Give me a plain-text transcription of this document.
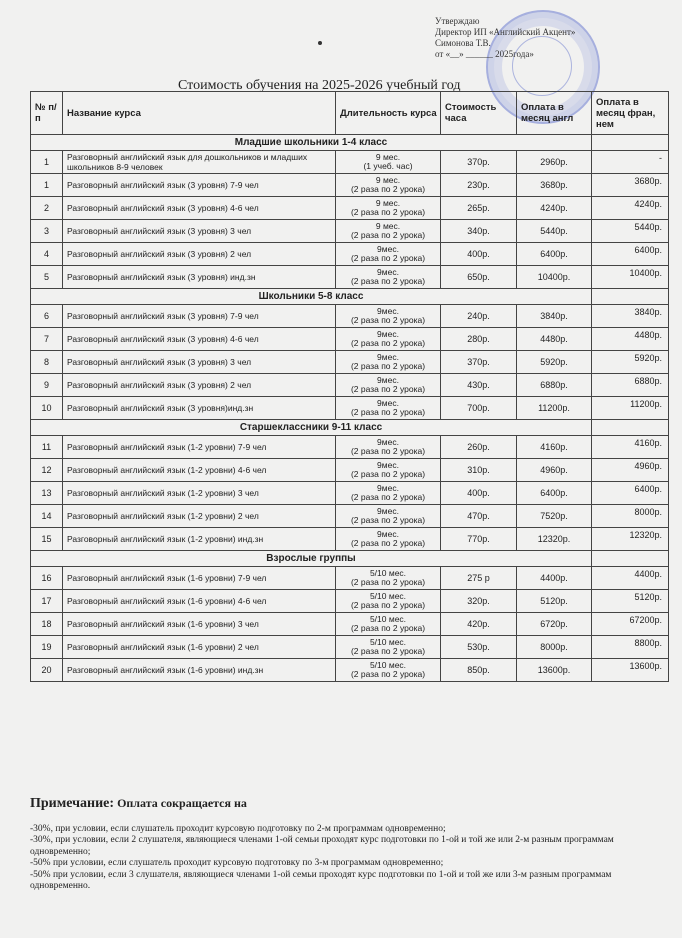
Утверждаю
Директор ИП «Английский Акцент»
Симонова Т.В.
от «__» ______ 2025года»
Стоимость обучения на 2025-2026 учебный год
№ п/п	Название курса	Длительность курса	Стоимость часа	Оплата в месяц англ	Оплата в месяц фран, нем
Младшие школьники 1-4 класс					
1	Разговорный английский язык для дошкольников и младших школьников 8-9 человек	9 мес.
(1 учеб. час)	370р.	2960р.	-
1	Разговорный английский язык (3 уровня) 7-9 чел	9 мес.
(2 раза по 2 урока)	230р.	3680р.	3680р.
2	Разговорный английский язык (3 уровня) 4-6 чел	9 мес.
(2 раза по 2 урока)	265р.	4240р.	4240р.
3	Разговорный английский язык (3 уровня) 3 чел	9 мес.
(2 раза по 2 урока)	340р.	5440р.	5440р.
4	Разговорный английский язык (3 уровня) 2 чел	9мес.
(2 раза по 2 урока)	400р.	6400р.	6400р.
5	Разговорный английский язык (3 уровня) инд.зн	9мес.
(2 раза по 2 урока)	650р.	10400р.	10400р.
Школьники 5-8 класс					
6	Разговорный английский язык (3 уровня) 7-9 чел	9мес.
(2 раза по 2 урока)	240р.	3840р.	3840р.
7	Разговорный английский язык (3 уровня) 4-6 чел	9мес.
(2 раза по 2 урока)	280р.	4480р.	4480р.
8	Разговорный английский язык (3 уровня) 3 чел	9мес.
(2 раза по 2 урока)	370р.	5920р.	5920р.
9	Разговорный английский язык (3 уровня) 2 чел	9мес.
(2 раза по 2 урока)	430р.	6880р.	6880р.
10	Разговорный английский язык (3 уровня)инд.зн	9мес.
(2 раза по 2 урока)	700р.	11200р.	11200р.
Старшеклассники 9-11 класс					
11	Разговорный английский язык (1-2 уровни) 7-9 чел	9мес.
(2 раза по 2 урока)	260р.	4160р.	4160р.
12	Разговорный английский язык (1-2 уровни) 4-6 чел	9мес.
(2 раза по 2 урока)	310р.	4960р.	4960р.
13	Разговорный английский язык (1-2 уровни) 3 чел	9мес.
(2 раза по 2 урока)	400р.	6400р.	6400р.
14	Разговорный английский язык (1-2 уровни) 2 чел	9мес.
(2 раза по 2 урока)	470р.	7520р.	8000р.
15	Разговорный английский язык (1-2 уровни) инд.зн	9мес.
(2 раза по 2 урока)	770р.	12320р.	12320р.
Взрослые группы					
16	Разговорный английский язык (1-6 уровни) 7-9 чел	5/10 мес.
(2 раза по 2 урока)	275 р	4400р.	4400р.
17	Разговорный английский язык (1-6 уровни) 4-6 чел	5/10 мес.
(2 раза по 2 урока)	320р.	5120р.	5120р.
18	Разговорный английский язык (1-6 уровни) 3 чел	5/10 мес.
(2 раза по 2 урока)	420р.	6720р.	67200р.
19	Разговорный английский язык (1-6 уровни) 2 чел	5/10 мес.
(2 раза по 2 урока)	530р.	8000р.	8800р.
20	Разговорный английский язык (1-6 уровни) инд.зн	5/10 мес.
(2 раза по 2 урока)	850р.	13600р.	13600р.
Примечание: Оплата сокращается на

-30%, при условии, если слушатель проходит курсовую подготовку по 2-м программам одновременно;

-30%, при условии, если 2 слушателя, являющиеся членами 1-ой семьи проходят курс подготовки по 1-ой и той же или 2-м разным программам одновременно;

-50% при условии, если слушатель проходит курсовую подготовку по 3-м программам одновременно;

-50% при условии, если 3 слушателя, являющиеся членами 1-ой семьи проходят курс подготовки по 1-ой и той же или 3-м разным программам одновременно.
